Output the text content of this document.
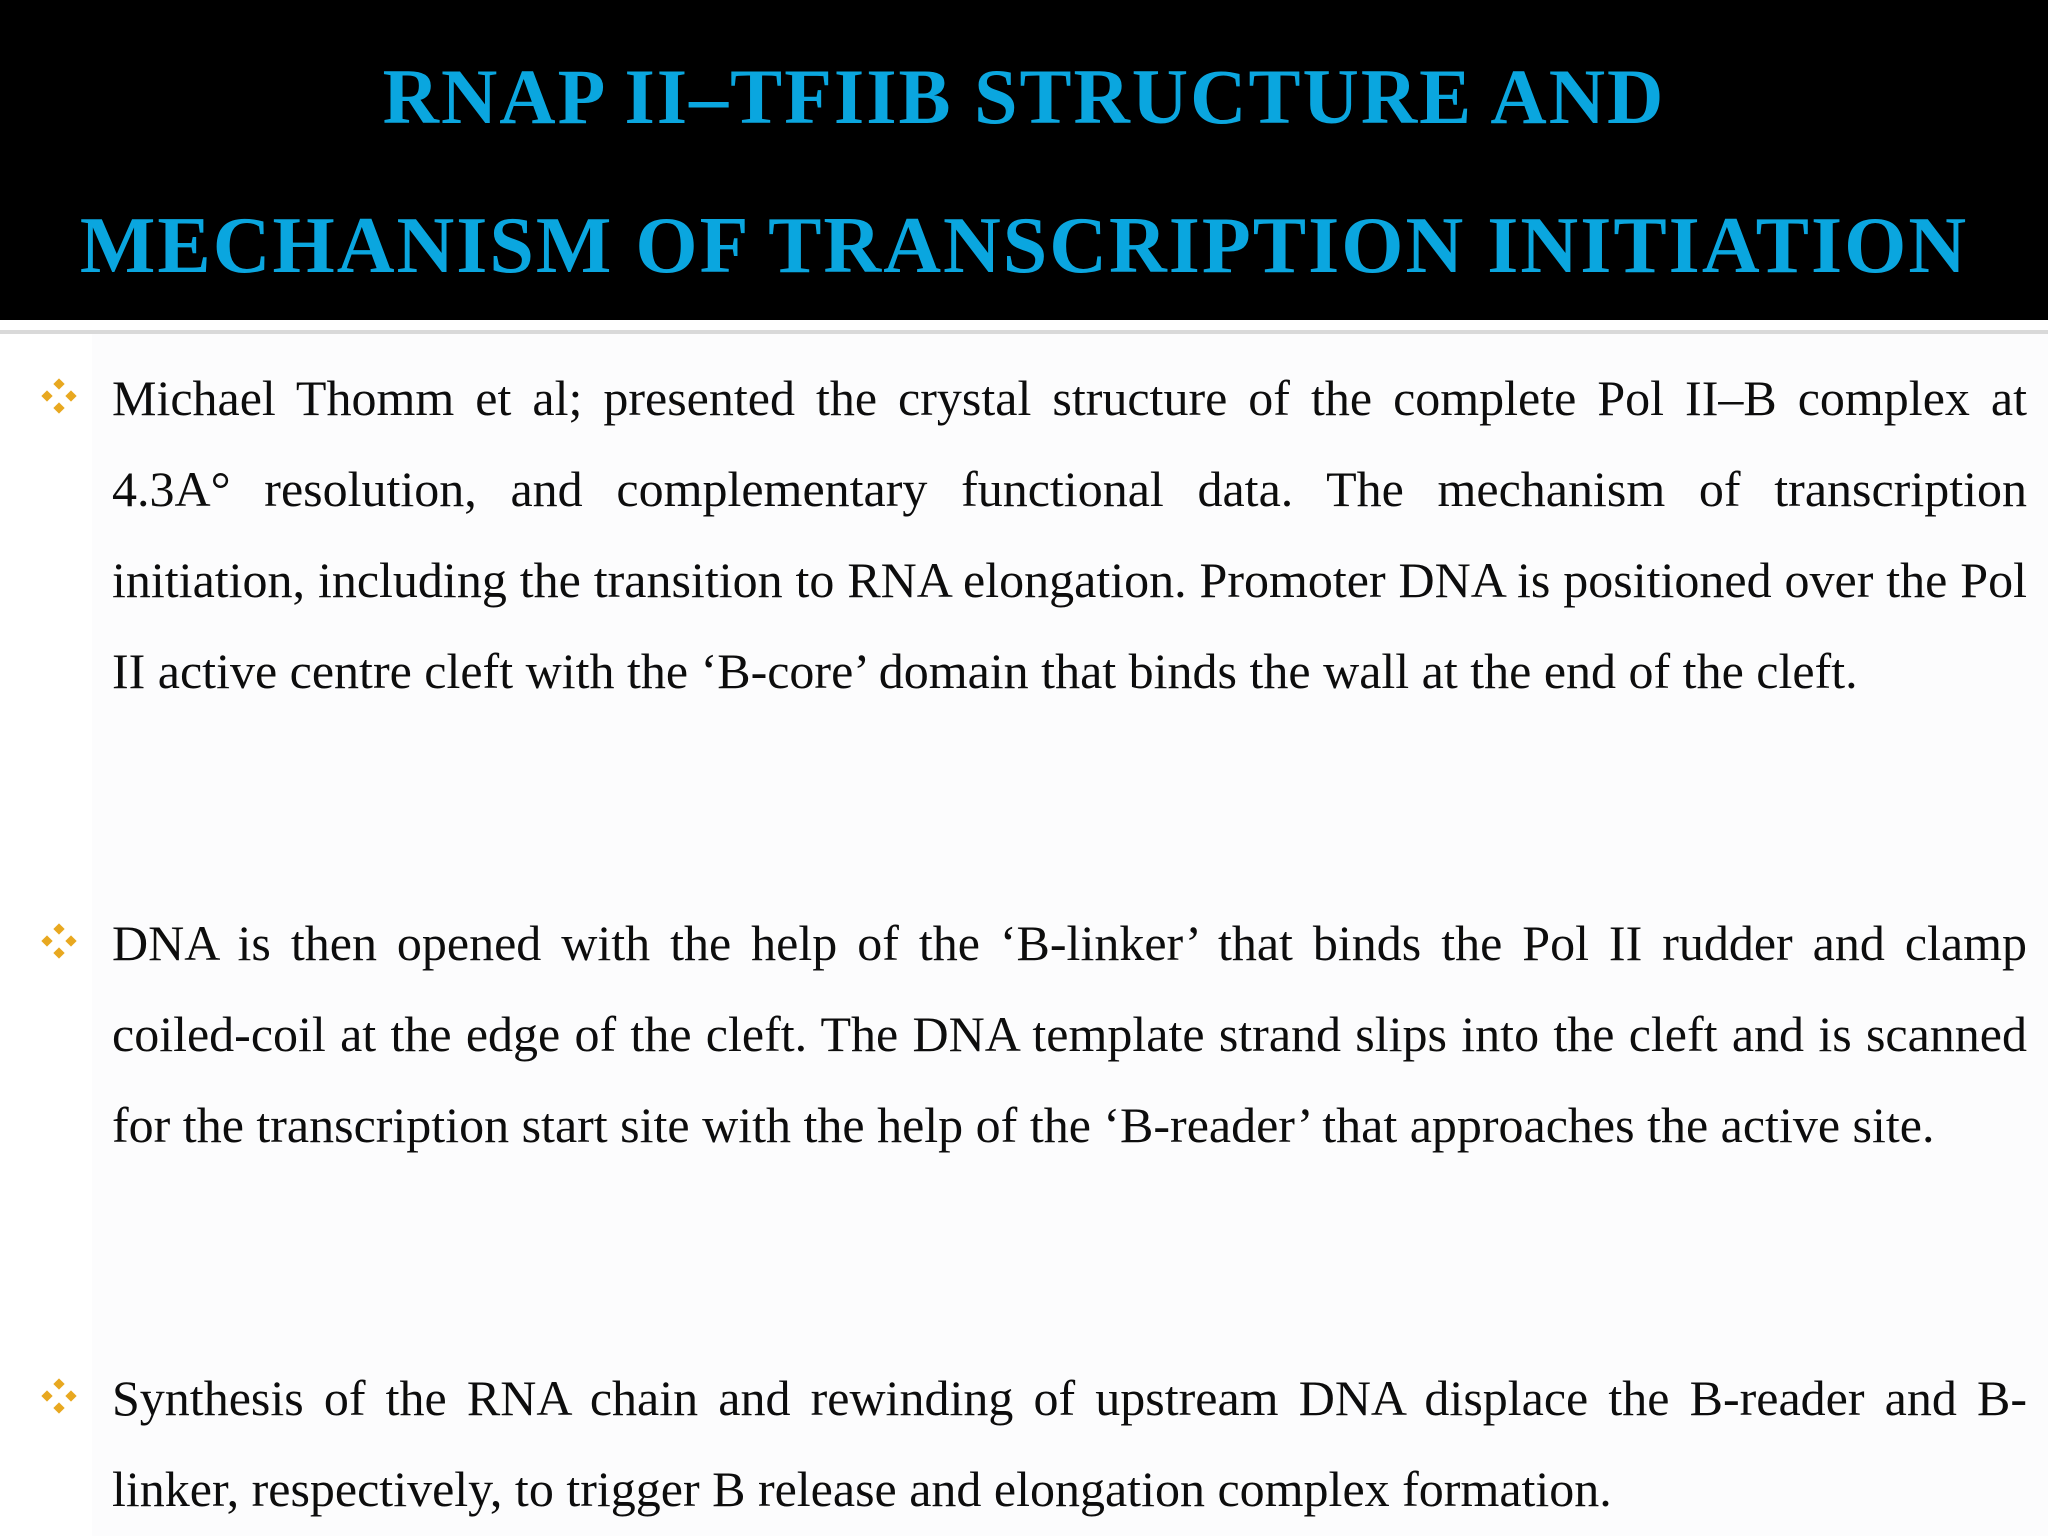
RNAP II–TFIIB STRUCTURE AND
MECHANISM OF TRANSCRIPTION INITIATION

Michael Thomm et al; presented the crystal structure of the complete Pol II–B complex at 4.3A° resolution, and complementary functional data. The mechanism of transcription initiation, including the transition to RNA elongation. Promoter DNA is positioned over the Pol II active centre cleft with the ‘B-core’ domain that binds the wall at the end of the cleft.

DNA is then opened with the help of the ‘B-linker’ that binds the Pol II rudder and clamp coiled-coil at the edge of the cleft. The DNA template strand slips into the cleft and is scanned for the transcription start site with the help of the ‘B-reader’ that approaches the active site.

Synthesis of the RNA chain and rewinding of upstream DNA displace the B-reader and B-linker, respectively, to trigger B release and elongation complex formation.
